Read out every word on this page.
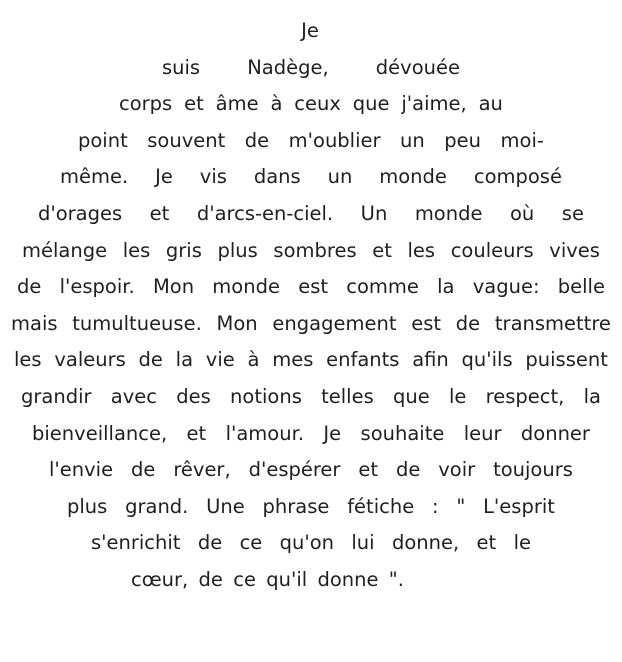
Je
suis Nadège, dévouée
corps et âme à ceux que j'aime, au
point souvent de m'oublier un peu moi-
même. Je vis dans un monde composé
d'orages et d'arcs-en-ciel. Un monde où se
mélange les gris plus sombres et les couleurs vives
de l'espoir. Mon monde est comme la vague: belle
mais tumultueuse. Mon engagement est de transmettre
les valeurs de la vie à mes enfants afin qu'ils puissent
grandir avec des notions telles que le respect, la
bienveillance, et l'amour. Je souhaite leur donner
l'envie de rêver, d'espérer et de voir toujours
plus grand. Une phrase fétiche : " L'esprit
s'enrichit de ce qu'on lui donne, et le
cœur, de ce qu'il donne ".
